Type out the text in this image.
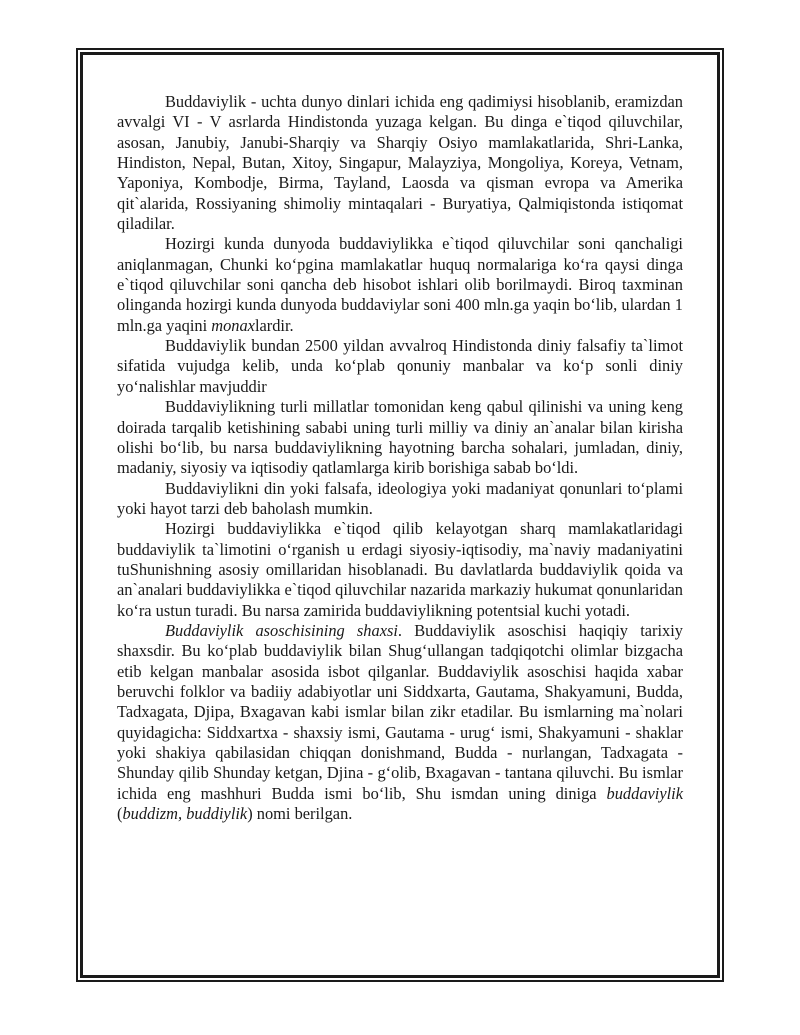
Buddaviylik - uchta dunyo dinlari ichida eng qadimiysi hisoblanib, eramizdan avvalgi VI - V asrlarda Hindistonda yuzaga kelgan. Bu dinga e`tiqod qiluvchilar, asosan, Janubiy, Janubi-Sharqiy va Sharqiy Osiyo mamlakatlarida, Shri-Lanka, Hindiston, Nepal, Butan, Xitoy, Singapur, Malayziya, Mongoliya, Koreya, Vetnam, Yaponiya, Kombodje, Birma, Tayland, Laosda va qisman evropa va Amerika qit`alarida, Rossiyaning shimoliy mintaqalari - Buryatiya, Qalmiqistonda istiqomat qiladilar.

Hozirgi kunda dunyoda buddaviylikka e`tiqod qiluvchilar soni qanchaligi aniqlanmagan, Chunki ko‘pgina mamlakatlar huquq normalariga ko‘ra qaysi dinga e`tiqod qiluvchilar soni qancha deb hisobot ishlari olib borilmaydi. Biroq taxminan olinganda hozirgi kunda dunyoda buddaviylar soni 400 mln.ga yaqin bo‘lib, ulardan 1 mln.ga yaqini monaxlardir.

Buddaviylik bundan 2500 yildan avvalroq Hindistonda diniy falsafiy ta`limot sifatida vujudga kelib, unda ko‘plab qonuniy manbalar va ko‘p sonli diniy yo‘nalishlar mavjuddir

Buddaviylikning turli millatlar tomonidan keng qabul qilinishi va uning keng doirada tarqalib ketishining sababi uning turli milliy va diniy an`analar bilan kirisha olishi bo‘lib, bu narsa buddaviylikning hayotning barcha sohalari, jumladan, diniy, madaniy, siyosiy va iqtisodiy qatlamlarga kirib borishiga sabab bo‘ldi.

Buddaviylikni din yoki falsafa, ideologiya yoki madaniyat qonunlari to‘plami yoki hayot tarzi deb baholash mumkin.

Hozirgi buddaviylikka e`tiqod qilib kelayotgan sharq mamlakatlaridagi buddaviylik ta`limotini o‘rganish u erdagi siyosiy-iqtisodiy, ma`naviy madaniyatini tuShunishning asosiy omillaridan hisoblanadi. Bu davlatlarda buddaviylik qoida va an`analari buddaviylikka e`tiqod qiluvchilar nazarida markaziy hukumat qonunlaridan ko‘ra ustun turadi. Bu narsa zamirida buddaviylikning potentsial kuchi yotadi.

Buddaviylik asoschisining shaxsi. Buddaviylik asoschisi haqiqiy tarixiy shaxsdir. Bu ko‘plab buddaviylik bilan Shug‘ullangan tadqiqotchi olimlar bizgacha etib kelgan manbalar asosida isbot qilganlar. Buddaviylik asoschisi haqida xabar beruvchi folklor va badiiy adabiyotlar uni Siddxarta, Gautama, Shakyamuni, Budda, Tadxagata, Djipa, Bxagavan kabi ismlar bilan zikr etadilar. Bu ismlarning ma`nolari quyidagicha: Siddxartxa - shaxsiy ismi, Gautama - urug‘ ismi, Shakyamuni - shaklar yoki shakiya qabilasidan chiqqan donishmand, Budda - nurlangan, Tadxagata - Shunday qilib Shunday ketgan, Djina - g‘olib, Bxagavan - tantana qiluvchi. Bu ismlar ichida eng mashhuri Budda ismi bo‘lib, Shu ismdan uning diniga buddaviylik (buddizm, buddiylik) nomi berilgan.
